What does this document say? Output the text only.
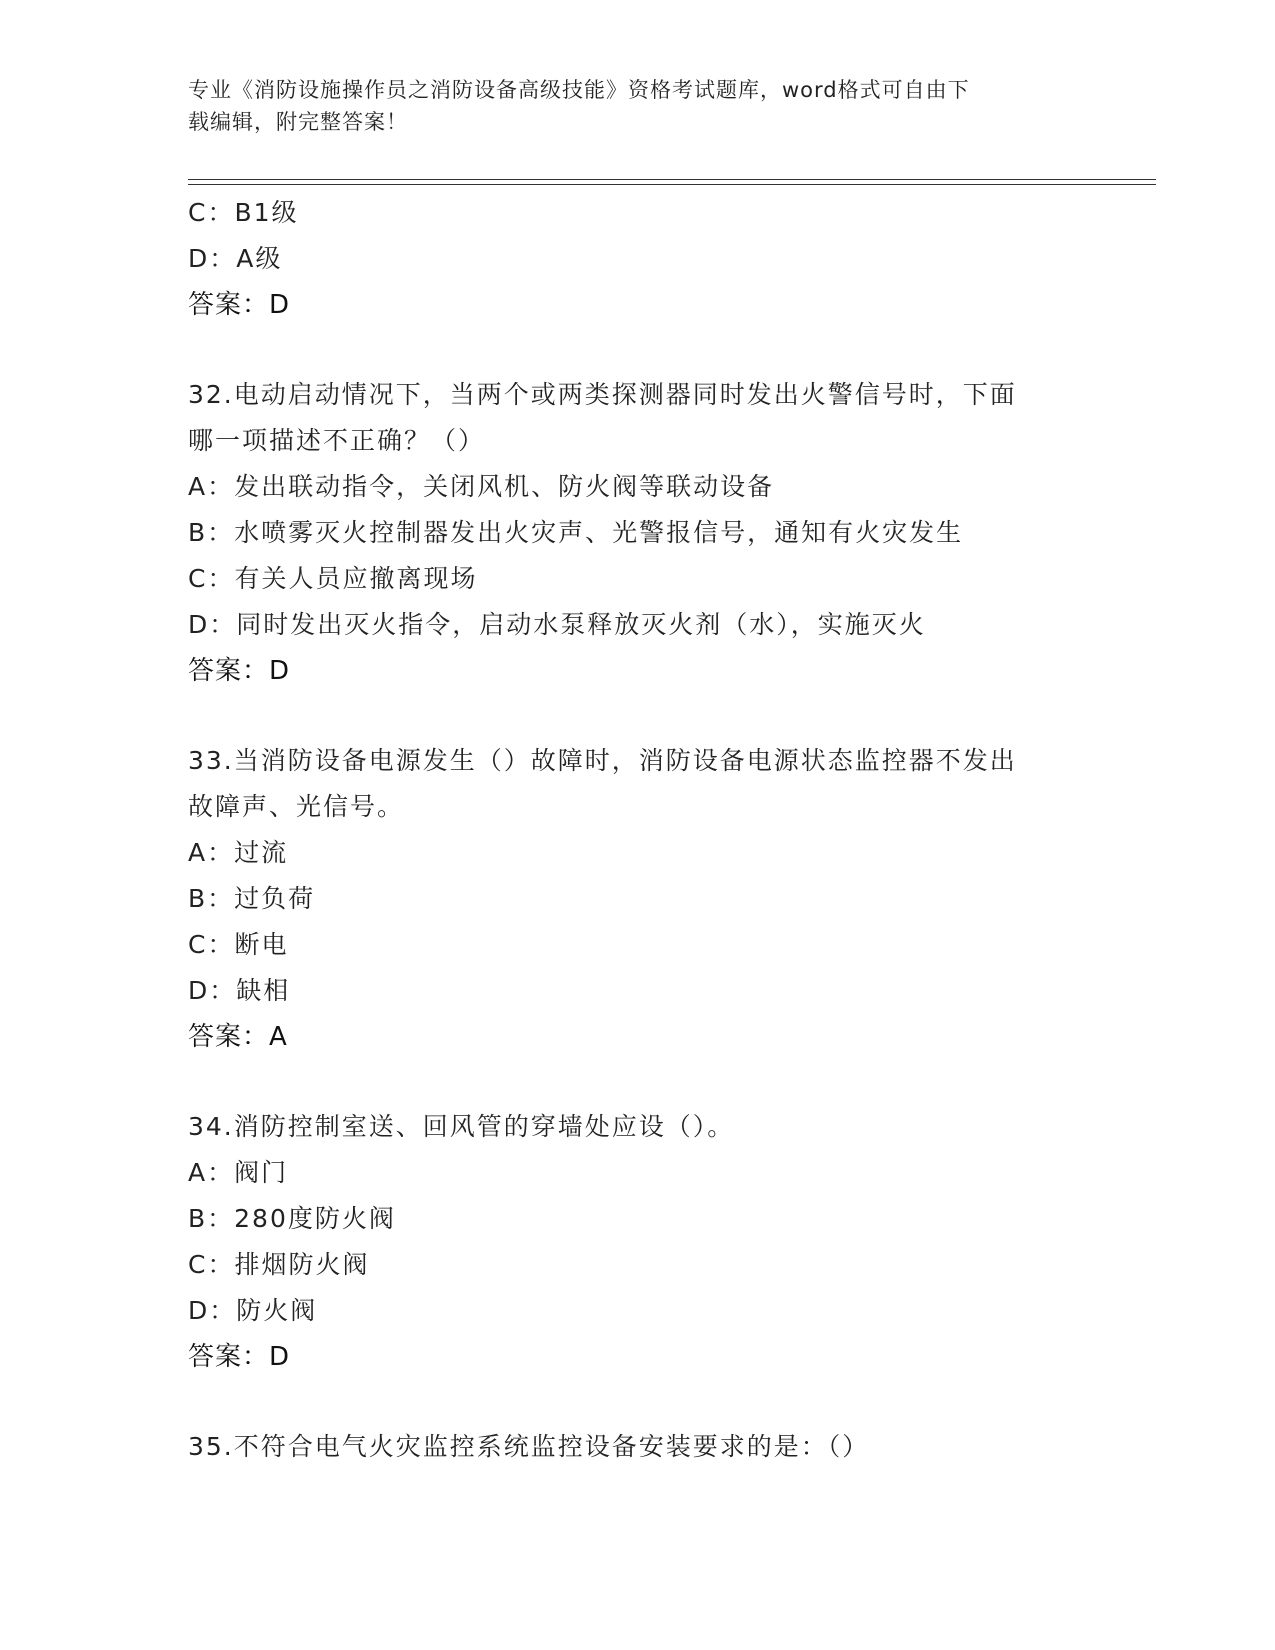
专业《消防设施操作员之消防设备高级技能》资格考试题库，word格式可自由下
载编辑，附完整答案！
C：B1级
D：A级
答案：D
32.电动启动情况下，当两个或两类探测器同时发出火警信号时，下面
哪一项描述不正确？（）
A：发出联动指令，关闭风机、防火阀等联动设备
B：水喷雾灭火控制器发出火灾声、光警报信号，通知有火灾发生
C：有关人员应撤离现场
D：同时发出灭火指令，启动水泵释放灭火剂（水），实施灭火
答案：D
33.当消防设备电源发生（）故障时，消防设备电源状态监控器不发出
故障声、光信号。
A：过流
B：过负荷
C：断电
D：缺相
答案：A
34.消防控制室送、回风管的穿墙处应设（）。
A：阀门
B：280度防火阀
C：排烟防火阀
D：防火阀
答案：D
35.不符合电气火灾监控系统监控设备安装要求的是：（）
